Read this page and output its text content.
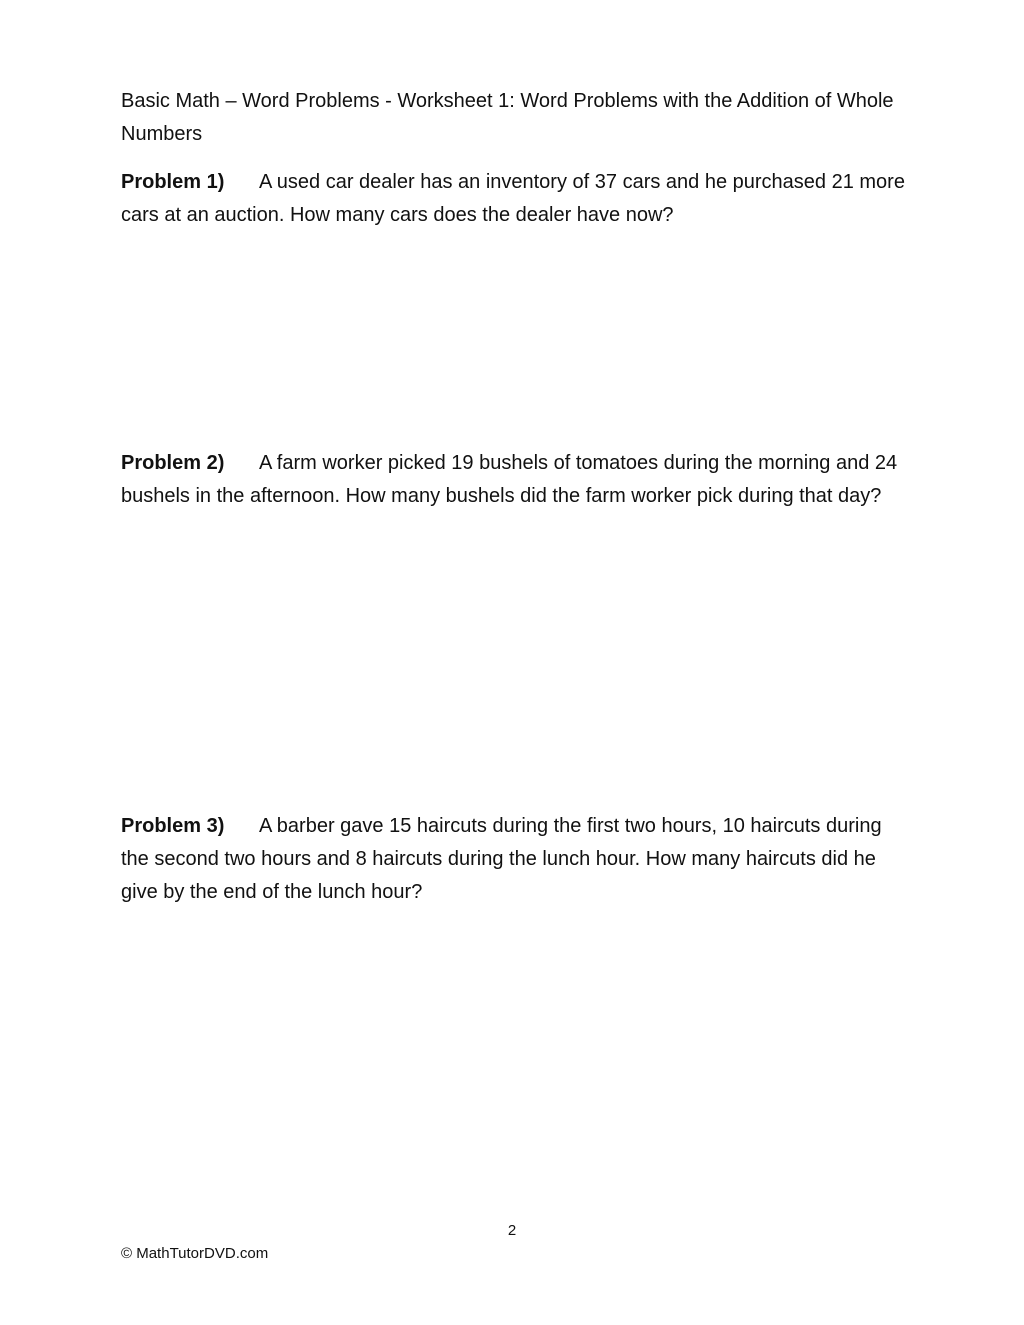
Basic Math – Word Problems - Worksheet 1: Word Problems with the Addition of Whole Numbers
Problem 1) A used car dealer has an inventory of 37 cars and he purchased 21 more cars at an auction. How many cars does the dealer have now?
Problem 2) A farm worker picked 19 bushels of tomatoes during the morning and 24 bushels in the afternoon. How many bushels did the farm worker pick during that day?
Problem 3) A barber gave 15 haircuts during the first two hours, 10 haircuts during the second two hours and 8 haircuts during the lunch hour. How many haircuts did he give by the end of the lunch hour?
2
© MathTutorDVD.com
